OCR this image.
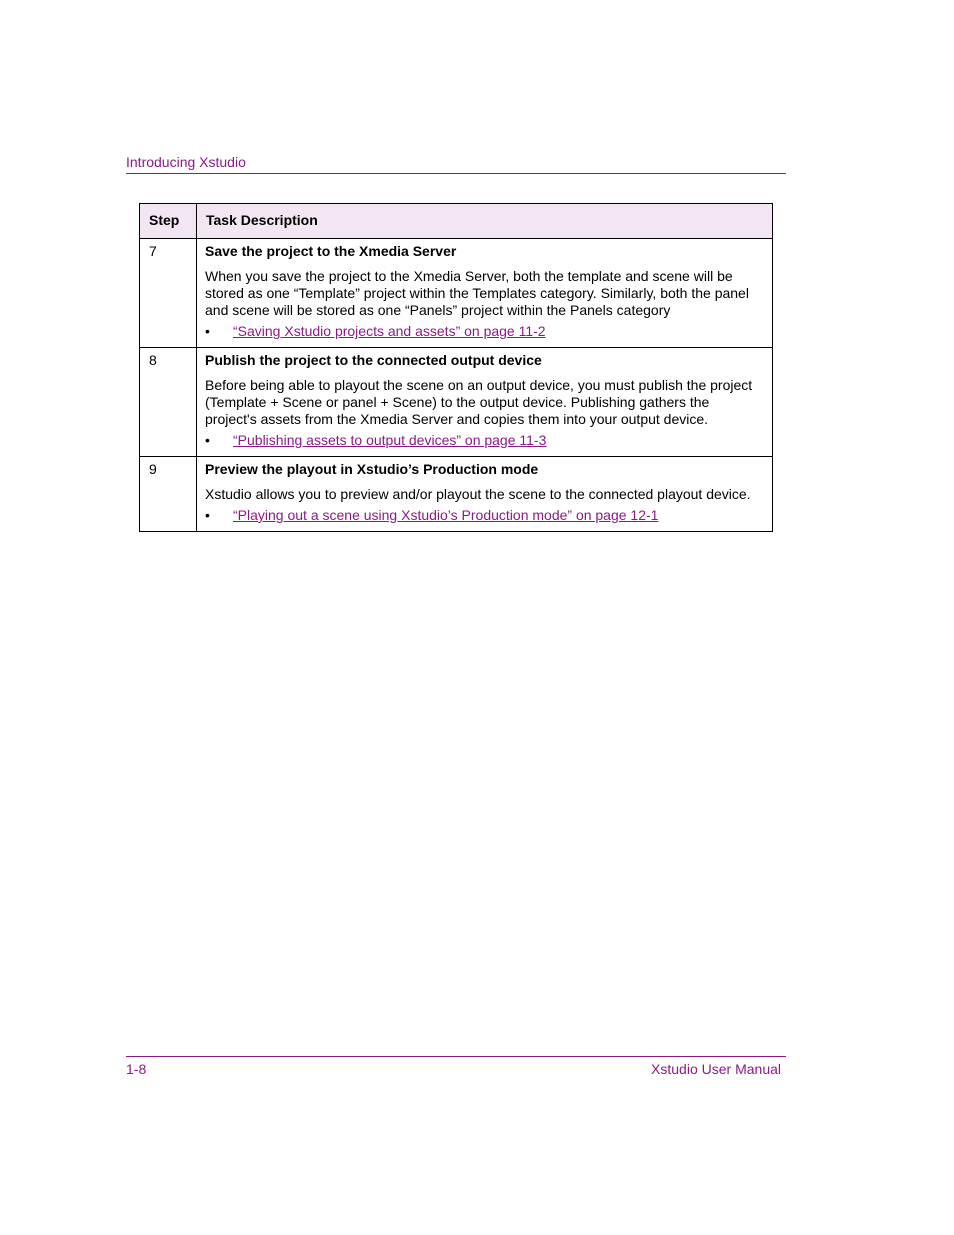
Introducing Xstudio
Step	Task Description
7	Save the project to the Xmedia Server

When you save the project to the Xmedia Server, both the template and scene will be stored as one “Template” project within the Templates category. Similarly, both the panel and scene will be stored as one “Panels” project within the Panels category

• “Saving Xstudio projects and assets” on page 11-2

8	Publish the project to the connected output device

Before being able to playout the scene on an output device, you must publish the project (Template + Scene or panel + Scene) to the output device. Publishing gathers the project's assets from the Xmedia Server and copies them into your output device.

• “Publishing assets to output devices” on page 11-3

9	Preview the playout in Xstudio’s Production mode

Xstudio allows you to preview and/or playout the scene to the connected playout device.

• “Playing out a scene using Xstudio’s Production mode” on page 12-1

1-8	Xstudio User Manual
